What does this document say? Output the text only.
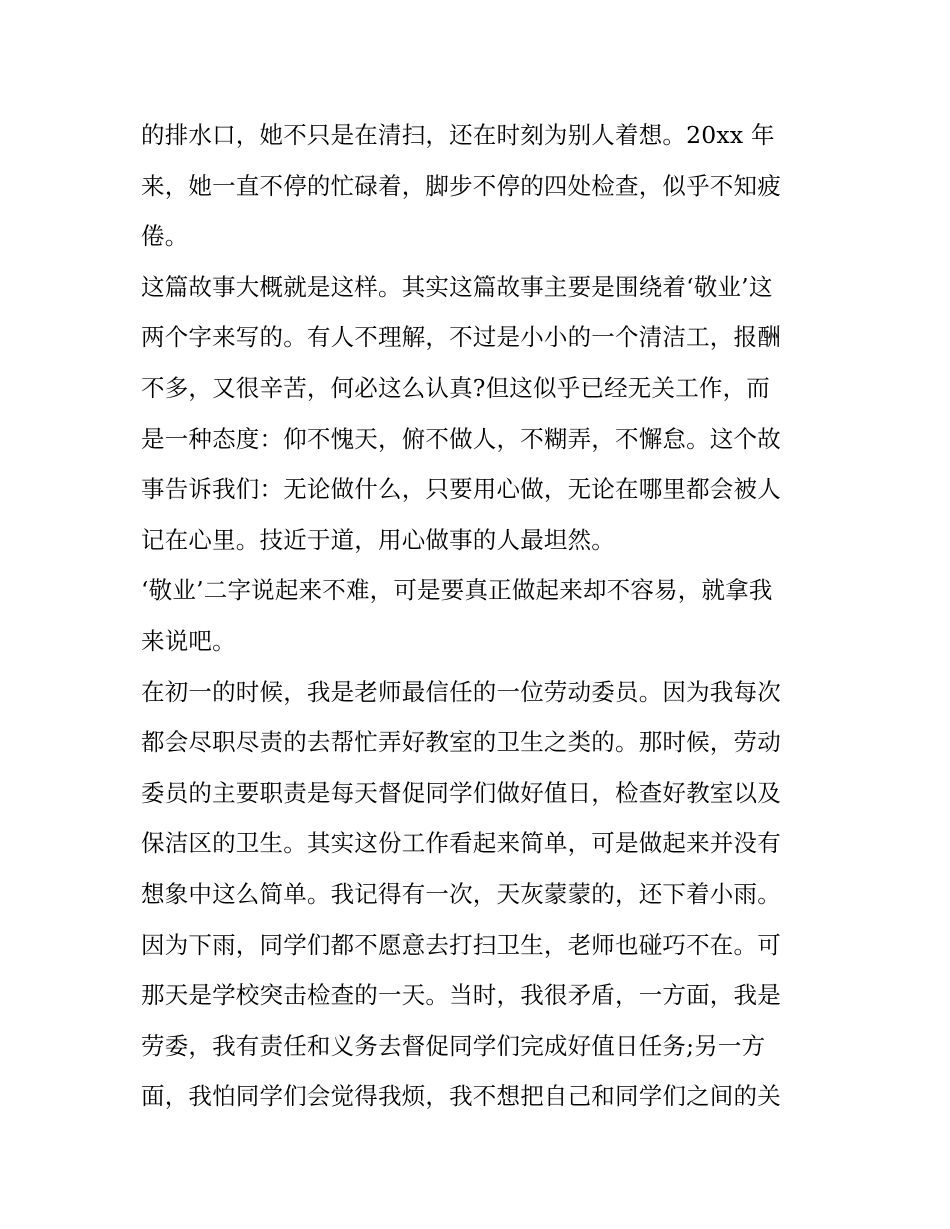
的排水口，她不只是在清扫，还在时刻为别人着想。20xx 年
来，她一直不停的忙碌着，脚步不停的四处检查，似乎不知疲
倦。
这篇故事大概就是这样。其实这篇故事主要是围绕着‘敬业’这
两个字来写的。有人不理解，不过是小小的一个清洁工，报酬
不多，又很辛苦，何必这么认真?但这似乎已经无关工作，而
是一种态度：仰不愧天，俯不做人，不糊弄，不懈怠。这个故
事告诉我们：无论做什么，只要用心做，无论在哪里都会被人
记在心里。技近于道，用心做事的人最坦然。
‘敬业’二字说起来不难，可是要真正做起来却不容易，就拿我
来说吧。
在初一的时候，我是老师最信任的一位劳动委员。因为我每次
都会尽职尽责的去帮忙弄好教室的卫生之类的。那时候，劳动
委员的主要职责是每天督促同学们做好值日，检查好教室以及
保洁区的卫生。其实这份工作看起来简单，可是做起来并没有
想象中这么简单。我记得有一次，天灰蒙蒙的，还下着小雨。
因为下雨，同学们都不愿意去打扫卫生，老师也碰巧不在。可
那天是学校突击检查的一天。当时，我很矛盾，一方面，我是
劳委，我有责任和义务去督促同学们完成好值日任务;另一方
面，我怕同学们会觉得我烦，我不想把自己和同学们之间的关
